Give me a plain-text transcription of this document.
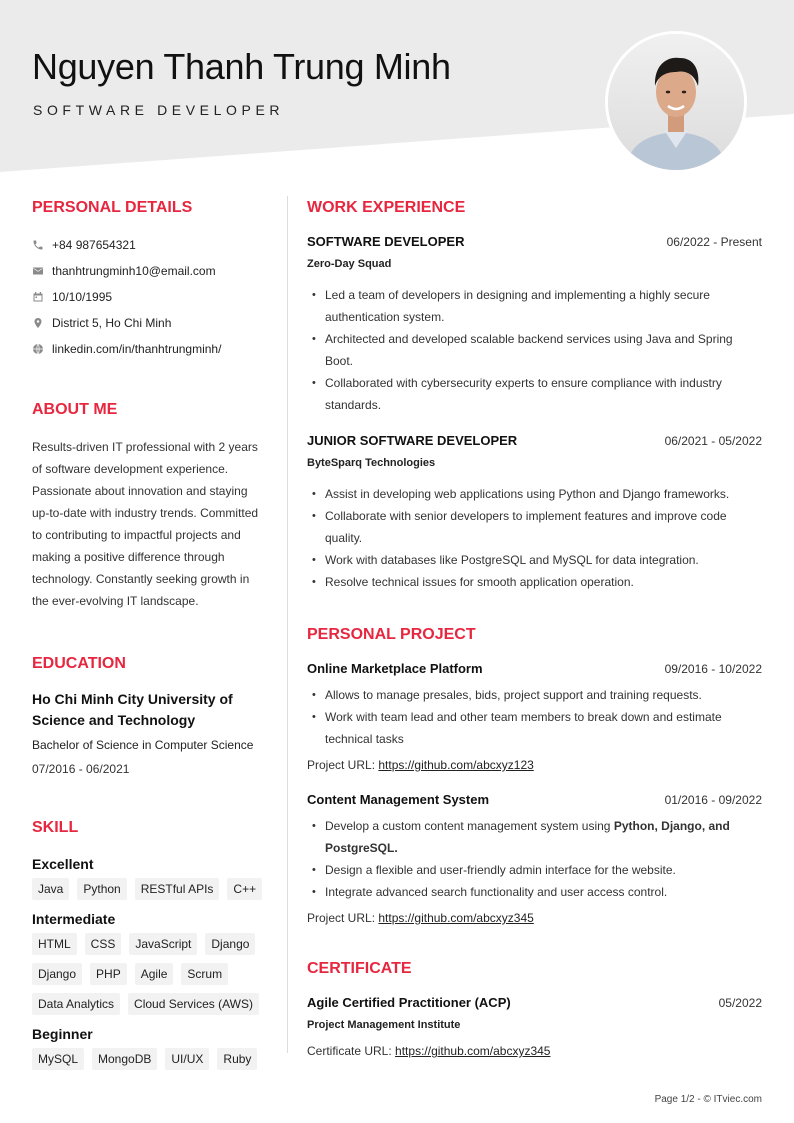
Nguyen Thanh Trung Minh
SOFTWARE DEVELOPER
PERSONAL DETAILS
+84 987654321
thanhtrungminh10@email.com
10/10/1995
District 5, Ho Chi Minh
linkedin.com/in/thanhtrungminh/
ABOUT ME

Results-driven IT professional with 2 years of software development experience. Passionate about innovation and staying up-to-date with industry trends. Committed to contributing to impactful projects and making a positive difference through technology. Constantly seeking growth in the ever-evolving IT landscape.

EDUCATION
Ho Chi Minh City University of Science and Technology
Bachelor of Science in Computer Science
07/2016 - 06/2021
SKILL
Excellent
Java	Python	RESTful APIs	C++
Intermediate
HTML	CSS	JavaScript	Django
Django	PHP	Agile	Scrum
Data Analytics	Cloud Services (AWS)
Beginner
MySQL	MongoDB	UI/UX	Ruby
WORK EXPERIENCE
SOFTWARE DEVELOPER	06/2022 - Present
Zero-Day Squad
• Led a team of developers in designing and implementing a highly secure authentication system.
• Architected and developed scalable backend services using Java and Spring Boot.
• Collaborated with cybersecurity experts to ensure compliance with industry standards.
JUNIOR SOFTWARE DEVELOPER	06/2021 - 05/2022
ByteSparq Technologies
• Assist in developing web applications using Python and Django frameworks.
• Collaborate with senior developers to implement features and improve code quality.
• Work with databases like PostgreSQL and MySQL for data integration.
• Resolve technical issues for smooth application operation.
PERSONAL PROJECT
Online Marketplace Platform	09/2016 - 10/2022
• Allows to manage presales, bids, project support and training requests.
• Work with team lead and other team members to break down and estimate technical tasks
Project URL: https://github.com/abcxyz123
Content Management System	01/2016 - 09/2022
• Develop a custom content management system using Python, Django, and PostgreSQL.
• Design a flexible and user-friendly admin interface for the website.
• Integrate advanced search functionality and user access control.
Project URL: https://github.com/abcxyz345
CERTIFICATE
Agile Certified Practitioner (ACP)	05/2022
Project Management Institute
Certificate URL: https://github.com/abcxyz345
Page 1/2 - © ITviec.com
